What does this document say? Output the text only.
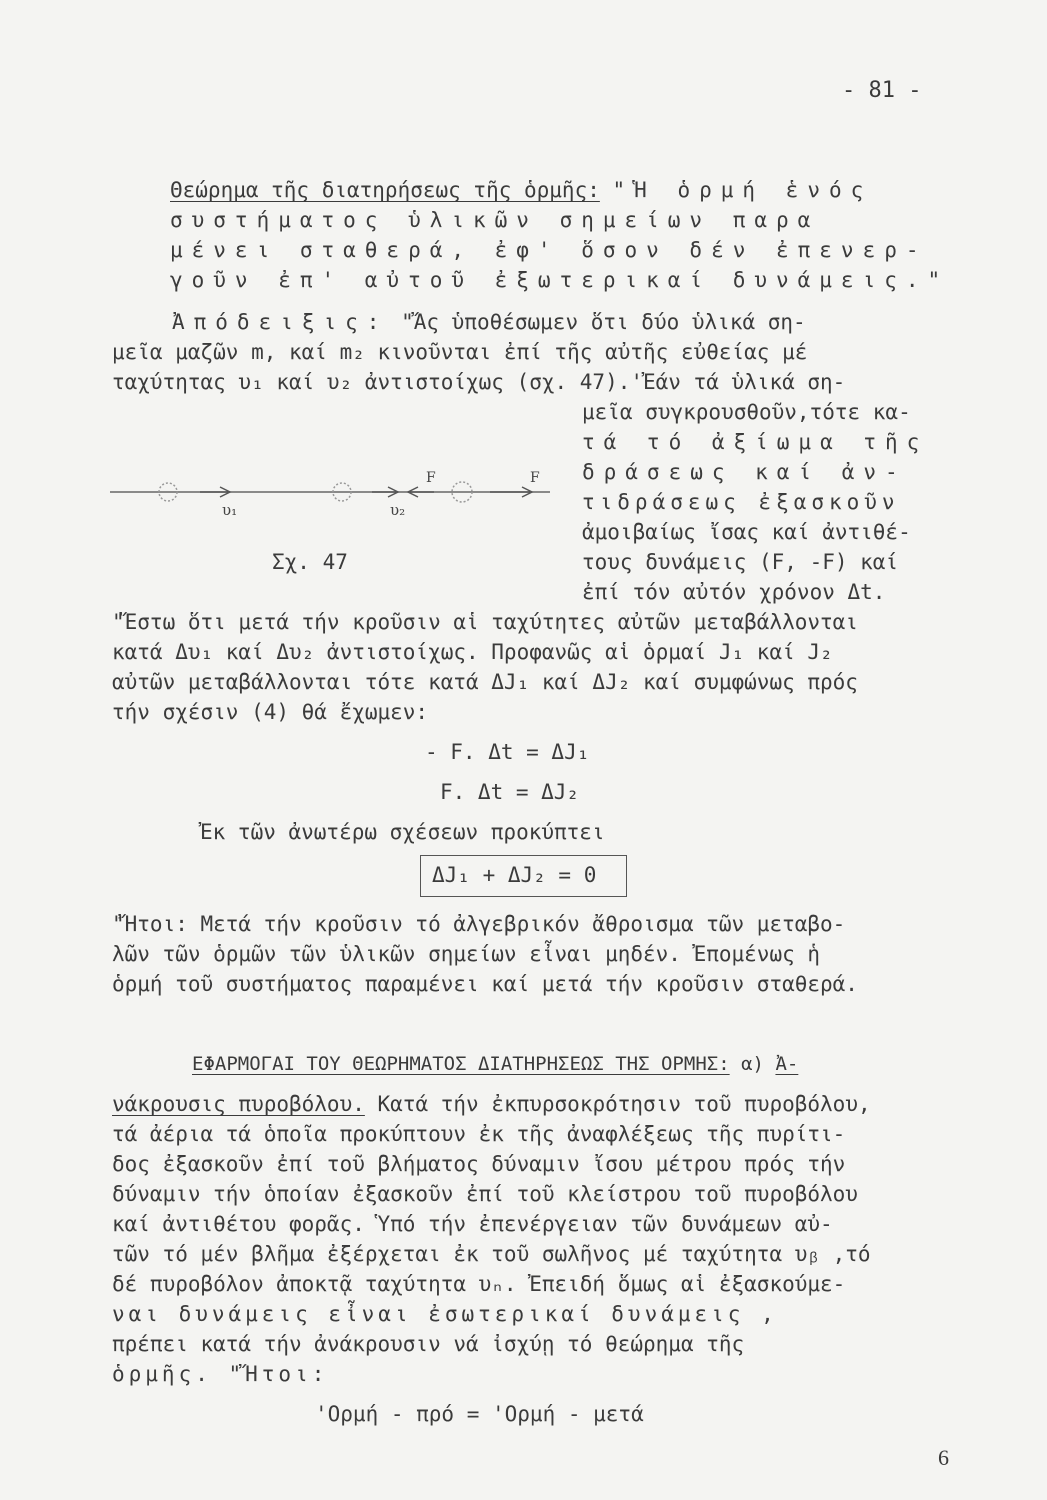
- 81 -
Θεώρημα τῆς διατηρήσεως τῆς ὁρμῆς: "Ἡ ὁρμή ἑνός
συστήματος ὑλικῶν σημείων παρα
μένει σταθερά, ἐφ' ὅσον δέν ἐπενερ-
γοῦν ἐπ' αὐτοῦ ἐξωτερικαί δυνάμεις."
Ἀπόδειξις: "Ἄς ὑποθέσωμεν ὅτι δύο ὑλικά ση-
μεῖα μαζῶν m, καί m₂ κινοῦνται ἐπί τῆς αὐτῆς εὐθείας μέ
ταχύτητας υ₁ καί υ₂ ἀντιστοίχως (σχ. 47).'Ἐάν τά ὑλικά ση-
μεῖα συγκρουσθοῦν,τότε κα-
τά τό ἀξίωμα τῆς
δράσεως καί ἀν-
τιδράσεως ἐξασκοῦν
ἀμοιβαίως ἴσας καί ἀντιθέ-
τους δυνάμεις (F, -F) καί
ἐπί τόν αὐτόν χρόνον Δt.
υ₁	υ₂
F	F
Σχ. 47
"Ἔστω ὅτι μετά τήν κροῦσιν αἱ ταχύτητες αὐτῶν μεταβάλλονται
κατά Δυ₁ καί Δυ₂ ἀντιστοίχως. Προφανῶς αἱ ὁρμαί J₁ καί J₂
αὐτῶν μεταβάλλονται τότε κατά ΔJ₁ καί ΔJ₂ καί συμφώνως πρός
τήν σχέσιν (4) θά ἔχωμεν:
- F. Δt = ΔJ₁
F. Δt = ΔJ₂
Ἐκ τῶν ἀνωτέρω σχέσεων προκύπτει
ΔJ₁ + ΔJ₂ = 0
"Ἤτοι: Μετά τήν κροῦσιν τό ἀλγεβρικόν ἄθροισμα τῶν μεταβο-
λῶν τῶν ὁρμῶν τῶν ὑλικῶν σημείων εἶναι μηδέν. Ἐπομένως ἡ
ὁρμή τοῦ συστήματος παραμένει καί μετά τήν κροῦσιν σταθερά.
ΕΦΑΡΜΟΓΑΙ ΤΟΥ ΘΕΩΡΗΜΑΤΟΣ ΔΙΑΤΗΡΗΣΕΩΣ ΤΗΣ ΟΡΜΗΣ: α) Ἀ-
νάκρουσις πυροβόλου. Κατά τήν ἐκπυρσοκρότησιν τοῦ πυροβόλου,
τά ἀέρια τά ὁποῖα προκύπτουν ἐκ τῆς ἀναφλέξεως τῆς πυρίτι-
δος ἐξασκοῦν ἐπί τοῦ βλήματος δύναμιν ἴσου μέτρου πρός τήν
δύναμιν τήν ὁποίαν ἐξασκοῦν ἐπί τοῦ κλείστρου τοῦ πυροβόλου
καί ἀντιθέτου φορᾶς. Ὑπό τήν ἐπενέργειαν τῶν δυνάμεων αὐ-
τῶν τό μέν βλῆμα ἐξέρχεται ἐκ τοῦ σωλῆνος μέ ταχύτητα υᵦ ,τό
δέ πυροβόλον ἀποκτᾷ ταχύτητα υₙ. Ἐπειδή ὅμως αἱ ἐξασκούμε-
ναι δυνάμεις εἶναι ἐσωτερικαί δυνάμεις ,
πρέπει κατά τήν ἀνάκρουσιν νά ἰσχύῃ τό θεώρημα τῆς
ὁρμῆς. "Ἤτοι:
'Ορμή - πρό = 'Ορμή - μετά
6
